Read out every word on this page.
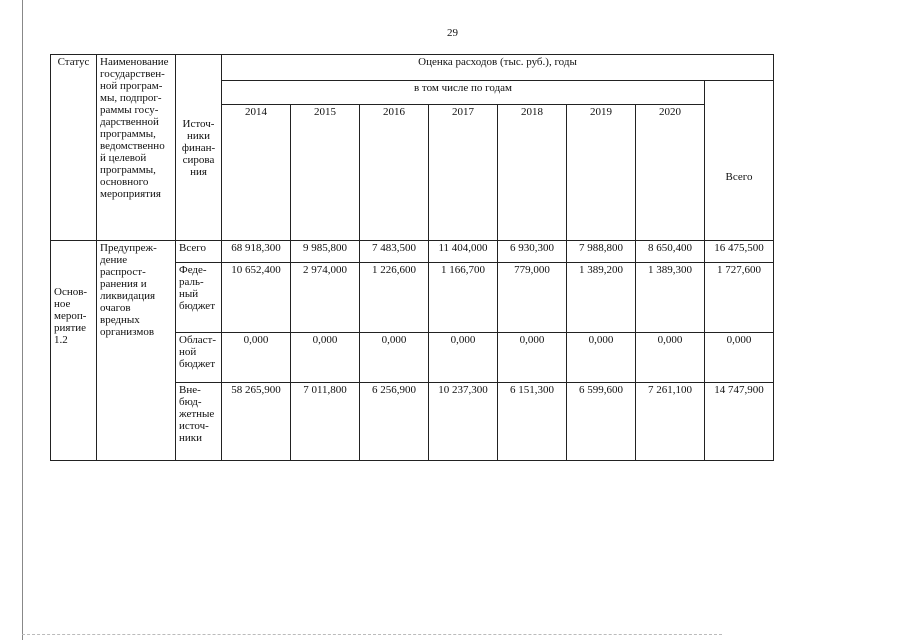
29
Статус	Наименование государствен- ной програм- мы, подпрог- раммы госу- дарственной программы, ведомственно й целевой программы, основного мероприятия	Источ- ники финан- сирова ния	Оценка расходов (тыс. руб.), годы							
			в том числе по годам							Всего
			2014	2015	2016	2017	2018	2019	2020	
Основ- ное мероп- риятие 1.2	Предупреж- дение распрост- ранения и ликвидация очагов вредных организмов	Всего	68 918,300	9 985,800	7 483,500	11 404,000	6 930,300	7 988,800	8 650,400	16 475,500
		Феде- раль- ный бюджет	10 652,400	2 974,000	1 226,600	1 166,700	779,000	1 389,200	1 389,300	1 727,600
		Област- ной бюджет	0,000	0,000	0,000	0,000	0,000	0,000	0,000	0,000
		Вне- бюд- жетные источ- ники	58 265,900	7 011,800	6 256,900	10 237,300	6 151,300	6 599,600	7 261,100	14 747,900
